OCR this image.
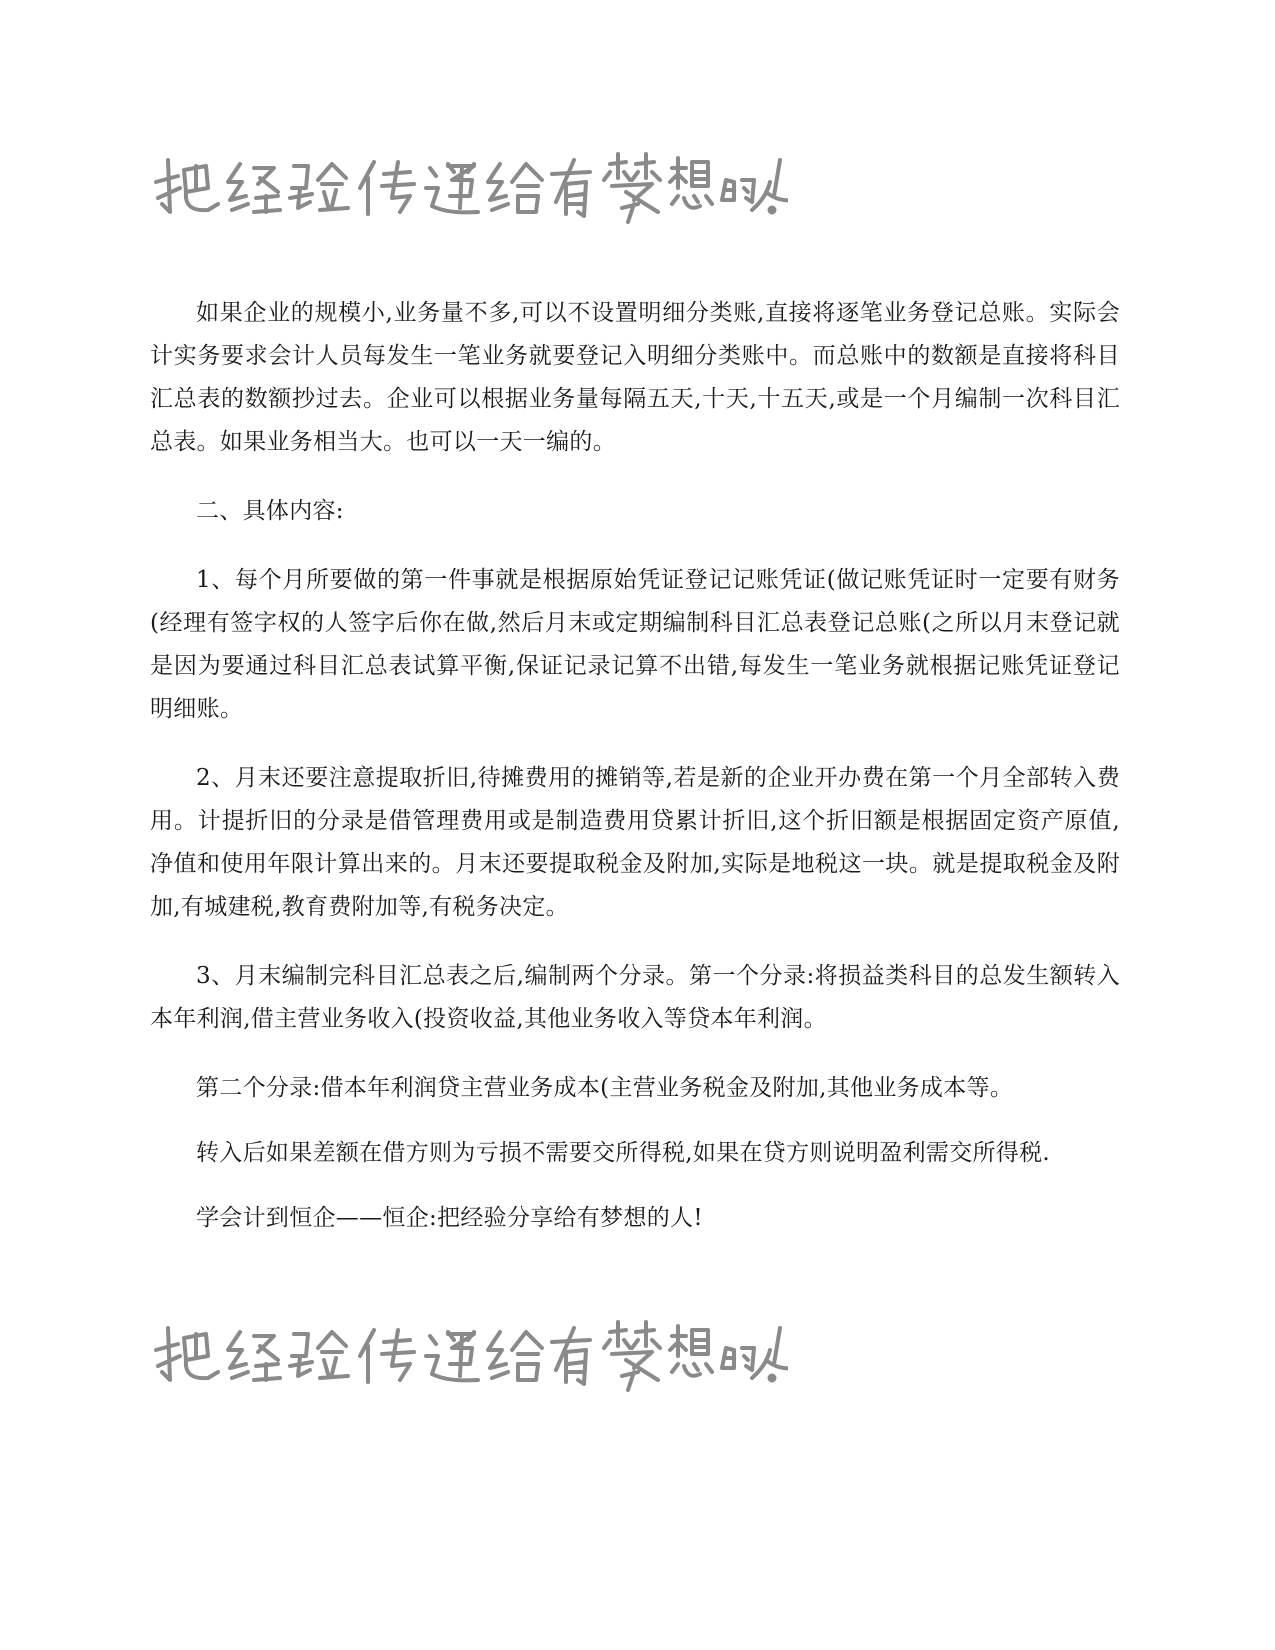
如果企业的规模小,业务量不多,可以不设置明细分类账,直接将逐笔业务登记总账。实际会计实务要求会计人员每发生一笔业务就要登记入明细分类账中。而总账中的数额是直接将科目汇总表的数额抄过去。企业可以根据业务量每隔五天,十天,十五天,或是一个月编制一次科目汇总表。如果业务相当大。也可以一天一编的。

二、具体内容:

1、每个月所要做的第一件事就是根据原始凭证登记记账凭证(做记账凭证时一定要有财务(经理有签字权的人签字后你在做,然后月末或定期编制科目汇总表登记总账(之所以月末登记就是因为要通过科目汇总表试算平衡,保证记录记算不出错,每发生一笔业务就根据记账凭证登记明细账。

2、月末还要注意提取折旧,待摊费用的摊销等,若是新的企业开办费在第一个月全部转入费用。计提折旧的分录是借管理费用或是制造费用贷累计折旧,这个折旧额是根据固定资产原值,净值和使用年限计算出来的。月末还要提取税金及附加,实际是地税这一块。就是提取税金及附加,有城建税,教育费附加等,有税务决定。

3、月末编制完科目汇总表之后,编制两个分录。第一个分录:将损益类科目的总发生额转入本年利润,借主营业务收入(投资收益,其他业务收入等贷本年利润。

第二个分录:借本年利润贷主营业务成本(主营业务税金及附加,其他业务成本等。

转入后如果差额在借方则为亏损不需要交所得税,如果在贷方则说明盈利需交所得税.

学会计到恒企——恒企:把经验分享给有梦想的人!
